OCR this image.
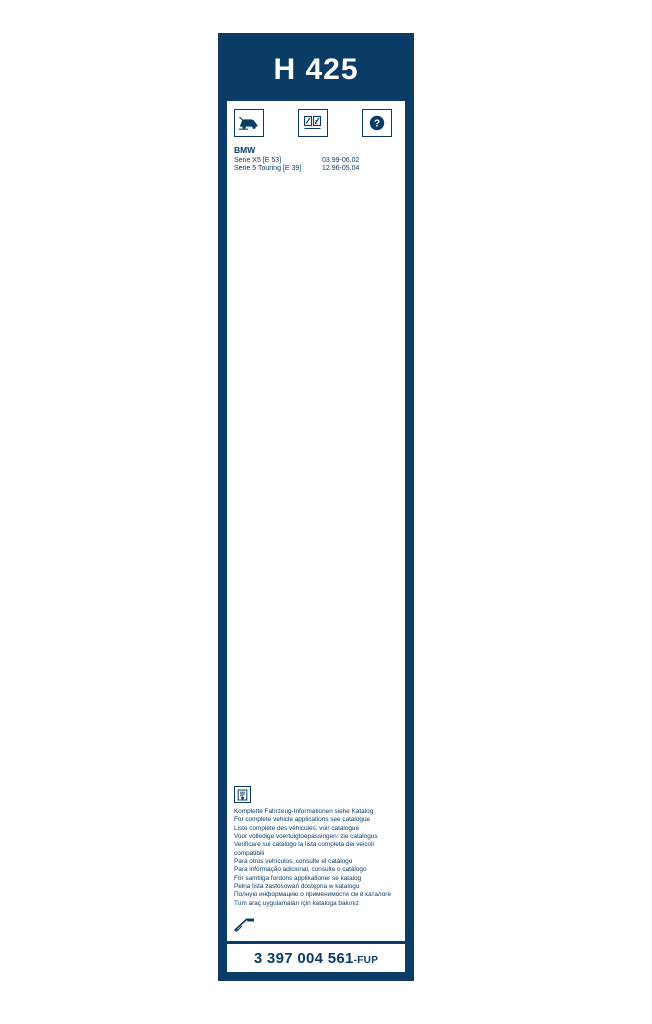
H 425
1	?
BMW
Serie X5 [E 53]	03.99-06.02
Serie 5 Touring [E 39]	12.96-05.04
Komplette Fahrzeug-Informationen siehe Katalog
For complete vehicle applications see catalogue
Liste complète des véhicules: voir catalogue
Voor volledige voertuigtoepassingen: zie catalogus
Verificare sul catalogo la lista completa dei veicoli compatibili
Para otros vehículos, consulte el catálogo
Para informação adicional, consulte o catálogo
För samtliga fordons applikationer se katalog
Pełna lista zastosowań dostępna w katalogu
Полную информацию о применимости см в каталоге
Tüm araç uygulamaları için kataloga bakınız
3 397 004 561-FUP
